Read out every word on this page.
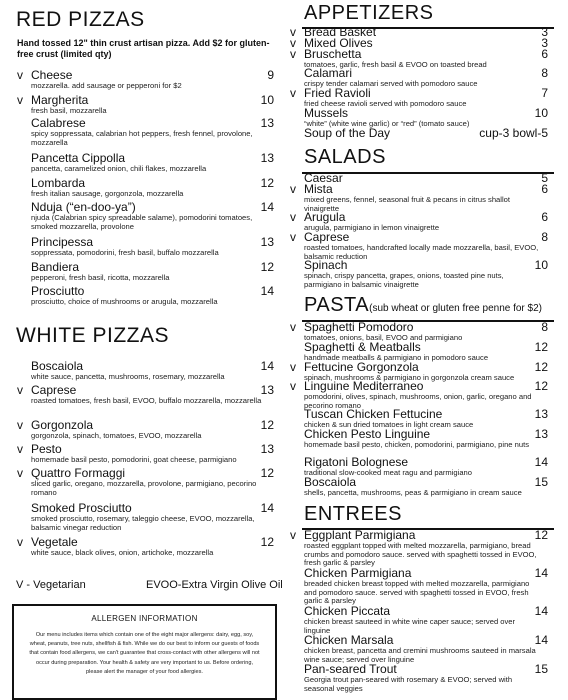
RED PIZZAS
Hand tossed 12" thin crust artisan pizza. Add $2 for gluten-free crust (limited qty)
v Cheese	9
mozzarella. add sausage or pepperoni for $2
v Margherita	10
fresh basil, mozzarella
Calabrese	13
spicy soppressata, calabrian hot peppers, fresh fennel, provolone, mozzarella
Pancetta Cippolla	13
pancetta, caramelized onion, chili flakes, mozzarella
Lombarda	12
fresh italian sausage, gorgonzola, mozzarella
Nduja (“en-doo-ya”)	14
njuda (Calabrian spicy spreadable salame), pomodorini tomatoes, smoked mozzarella, provolone
Principessa	13
soppressata, pomodorini, fresh basil, buffalo mozzarella
Bandiera	12
pepperoni, fresh basil, ricotta, mozzarella
Prosciutto	14
prosciutto, choice of mushrooms or arugula, mozzarella
WHITE PIZZAS
Boscaiola	14
white sauce, pancetta, mushrooms, rosemary, mozzarella
v Caprese	13
roasted tomatoes, fresh basil, EVOO, buffalo mozzarella, mozzarella
v Gorgonzola	12
gorgonzola, spinach, tomatoes, EVOO, mozzarella
v Pesto	13
homemade basil pesto, pomodorini, goat cheese, parmigiano
v Quattro Formaggi	12
sliced garlic, oregano, mozzarella, provolone, parmigiano, pecorino romano
Smoked Prosciutto	14
smoked prosciutto, rosemary, taleggio cheese, EVOO, mozzarella, balsamic vinegar reduction
v Vegetale	12
white sauce, black olives, onion, artichoke, mozzarella
V - Vegetarian	EVOO-Extra Virgin Olive Oil
ALLERGEN INFORMATION
Our menu includes items which contain one of the eight major allergens: dairy, egg, soy, wheat, peanuts, tree nuts, shellfish & fish. While we do our best to inform our guests of foods that contain food allergens, we can't guarantee that cross-contact with other allergens will not occur during preparation. Your health & safety are very important to us. Before ordering, please alert the manager of your food allergies.
APPETIZERS
v Bread Basket	3
v Mixed Olives	3
v Bruschetta	6
tomatoes, garlic, fresh basil & EVOO on toasted bread
Calamari	8
crispy tender calamari served with pomodoro sauce
v Fried Ravioli	7
fried cheese ravioli served with pomodoro sauce
Mussels	10
“white” (white wine garlic) or “red” (tomato sauce)
Soup of the Day	cup-3 bowl-5
SALADS
Caesar	5
v Mista	6
mixed greens, fennel, seasonal fruit & pecans in citrus shallot vinaigrette
v Arugula	6
arugula, parmigiano in lemon vinaigrette
v Caprese	8
roasted tomatoes, handcrafted locally made mozzarella, basil, EVOO, balsamic reduction
Spinach	10
spinach, crispy pancetta, grapes, onions, toasted pine nuts, parmigiano in balsamic vinaigrette
PASTA(sub wheat or gluten free penne for $2)
v Spaghetti Pomodoro	8
tomatoes, onions, basil, EVOO and parmigiano
Spaghetti & Meatballs	12
handmade meatballs & parmigiano in pomodoro sauce
v Fettucine Gorgonzola	12
spinach, mushrooms & parmigiano in gorgonzola cream sauce
v Linguine Mediterraneo	12
pomodorini, olives, spinach, mushrooms, onion, garlic, oregano and pecorino romano
Tuscan Chicken Fettucine	13
chicken & sun dried tomatoes in light cream sauce
Chicken Pesto Linguine	13
homemade basil pesto, chicken, pomodorini, parmigiano, pine nuts
Rigatoni Bolognese	14
traditional slow-cooked meat ragu and parmigiano
Boscaiola	15
shells, pancetta, mushrooms, peas & parmigiano in cream sauce
ENTREES
v Eggplant Parmigiana	12
roasted eggplant topped with melted mozzarella, parmigiano, bread crumbs and pomodoro sauce. served with spaghetti tossed in EVOO, fresh garlic & parsley
Chicken Parmigiana	14
breaded chicken breast topped with melted mozzarella, parmigiano and pomodoro sauce. served with spaghetti tossed in EVOO, fresh garlic & parsley
Chicken Piccata	14
chicken breast sauteed in white wine caper sauce; served over linguine
Chicken Marsala	14
chicken breast, pancetta and cremini mushrooms sauteed in marsala wine sauce; served over linguine
Pan-seared Trout	15
Georgia trout pan-seared with rosemary & EVOO; served with seasonal veggies
